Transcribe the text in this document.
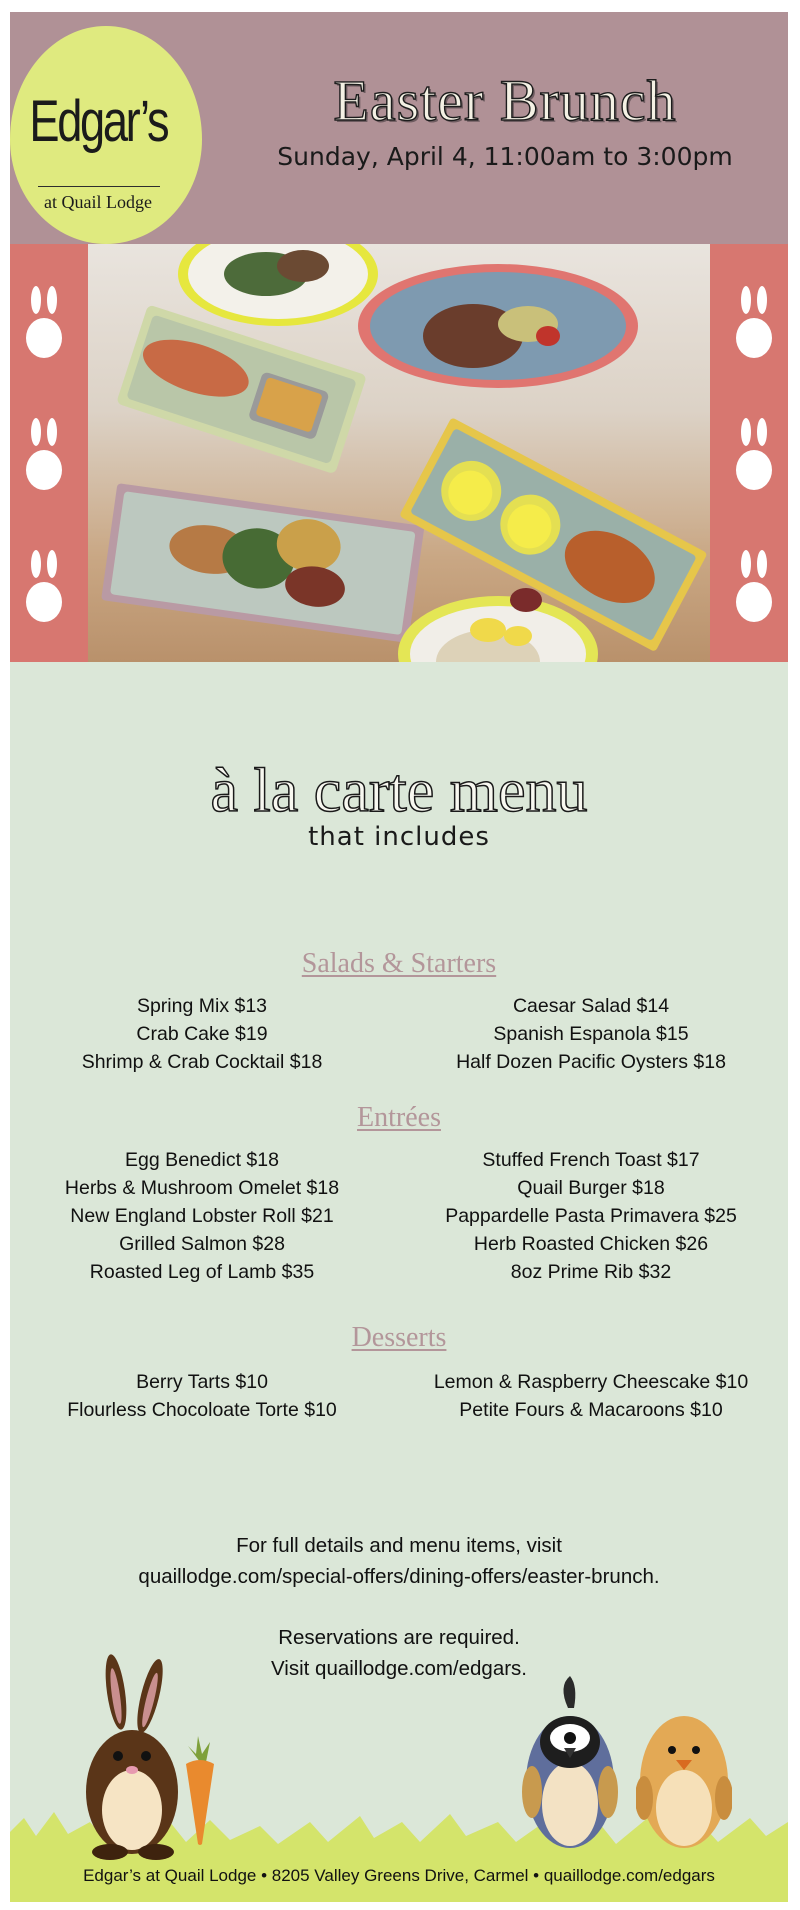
Edgar’s
at Quail Lodge
Easter Brunch
Sunday, April 4, 11:00am to 3:00pm
à la carte menu
that includes
Salads & Starters
Spring Mix $13
Crab Cake $19
Shrimp & Crab Cocktail $18
Caesar Salad $14
Spanish Espanola $15
Half Dozen Pacific Oysters $18
Entrées
Egg Benedict $18
Herbs & Mushroom Omelet $18
New England Lobster Roll $21
Grilled Salmon $28
Roasted Leg of Lamb $35
Stuffed French Toast $17
Quail Burger $18
Pappardelle Pasta Primavera $25
Herb Roasted Chicken $26
8oz Prime Rib $32
Desserts
Berry Tarts $10
Flourless Chocoloate Torte $10
Lemon & Raspberry Cheescake $10
Petite Fours & Macaroons $10
For full details and menu items, visit
quaillodge.com/special-offers/dining-offers/easter-brunch.
Reservations are required.
Visit quaillodge.com/edgars.
Edgar’s at Quail Lodge • 8205 Valley Greens Drive, Carmel • quaillodge.com/edgars
